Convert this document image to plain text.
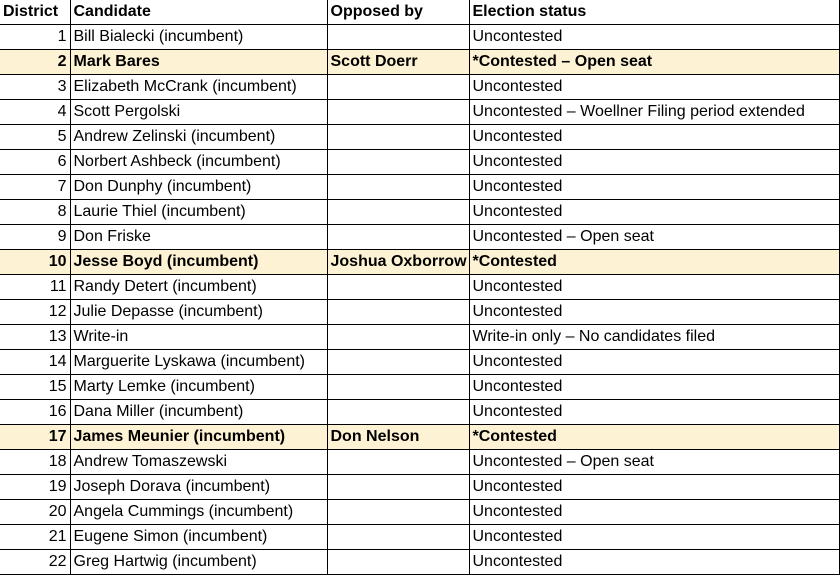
District	Candidate	Opposed by	Election status
1	Bill Bialecki (incumbent)		Uncontested
2	Mark Bares	Scott Doerr	*Contested – Open seat
3	Elizabeth McCrank (incumbent)		Uncontested
4	Scott Pergolski		Uncontested – Woellner Filing period extended
5	Andrew Zelinski (incumbent)		Uncontested
6	Norbert Ashbeck (incumbent)		Uncontested
7	Don Dunphy (incumbent)		Uncontested
8	Laurie Thiel (incumbent)		Uncontested
9	Don Friske		Uncontested – Open seat
10	Jesse Boyd (incumbent)	Joshua Oxborrow	*Contested
11	Randy Detert (incumbent)		Uncontested
12	Julie Depasse (incumbent)		Uncontested
13	Write-in		Write-in only – No candidates filed
14	Marguerite Lyskawa (incumbent)		Uncontested
15	Marty Lemke (incumbent)		Uncontested
16	Dana Miller (incumbent)		Uncontested
17	James Meunier (incumbent)	Don Nelson	*Contested
18	Andrew Tomaszewski		Uncontested – Open seat
19	Joseph Dorava (incumbent)		Uncontested
20	Angela Cummings (incumbent)		Uncontested
21	Eugene Simon (incumbent)		Uncontested
22	Greg Hartwig (incumbent)		Uncontested
